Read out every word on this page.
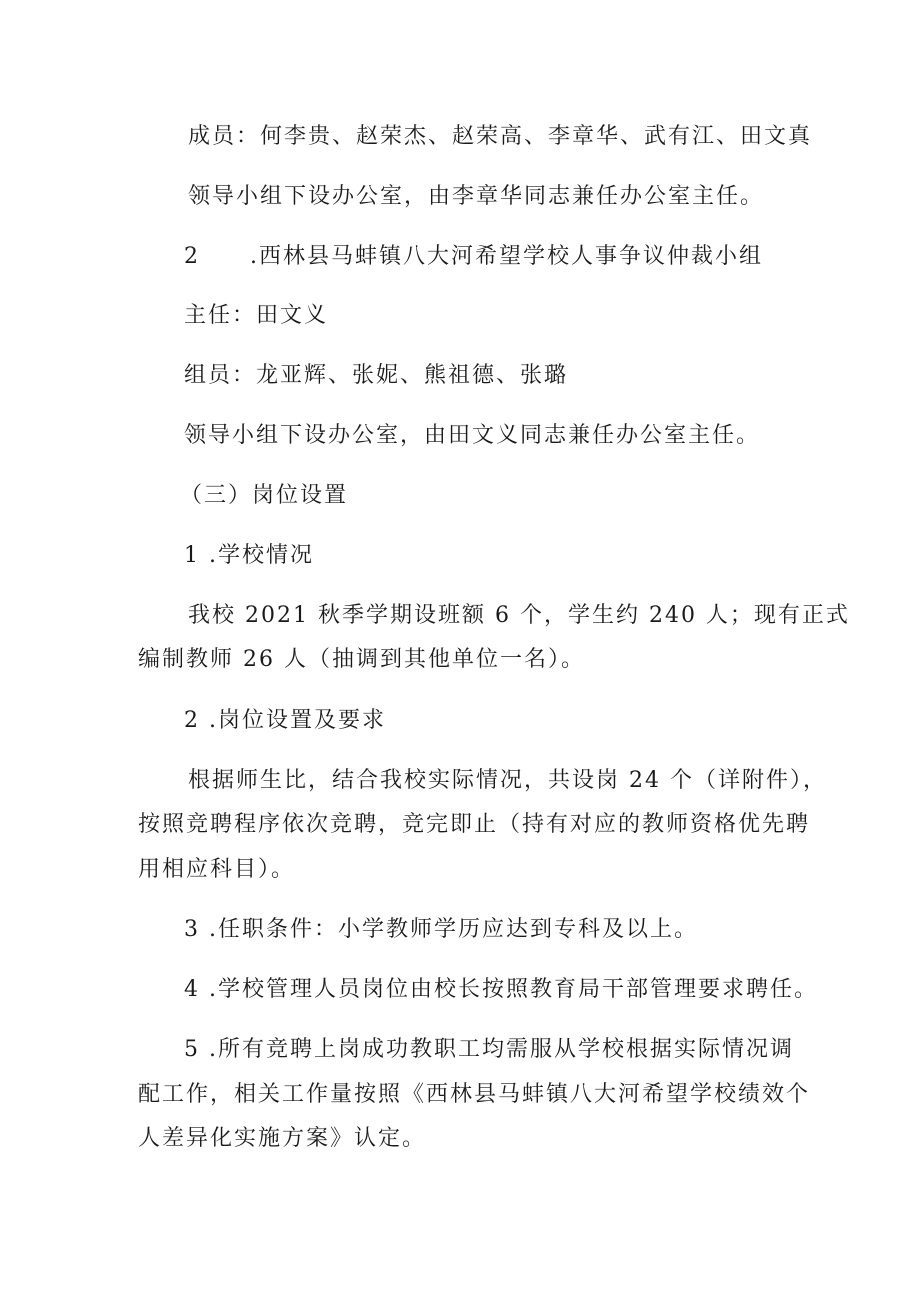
成员：何李贵、赵荣杰、赵荣高、李章华、武有江、田文真
领导小组下设办公室，由李章华同志兼任办公室主任。
2 .西林县马蚌镇八大河希望学校人事争议仲裁小组
主任：田文义
组员：龙亚辉、张妮、熊祖德、张璐
领导小组下设办公室，由田文义同志兼任办公室主任。
（三）岗位设置
1 .学校情况
我校 2021 秋季学期设班额 6 个，学生约 240 人；现有正式
编制教师 26 人（抽调到其他单位一名）。
2 .岗位设置及要求
根据师生比，结合我校实际情况，共设岗 24 个（详附件），
按照竞聘程序依次竞聘，竞完即止（持有对应的教师资格优先聘
用相应科目）。
3 .任职条件：小学教师学历应达到专科及以上。
4 .学校管理人员岗位由校长按照教育局干部管理要求聘任。
5 .所有竞聘上岗成功教职工均需服从学校根据实际情况调
配工作，相关工作量按照《西林县马蚌镇八大河希望学校绩效个
人差异化实施方案》认定。
